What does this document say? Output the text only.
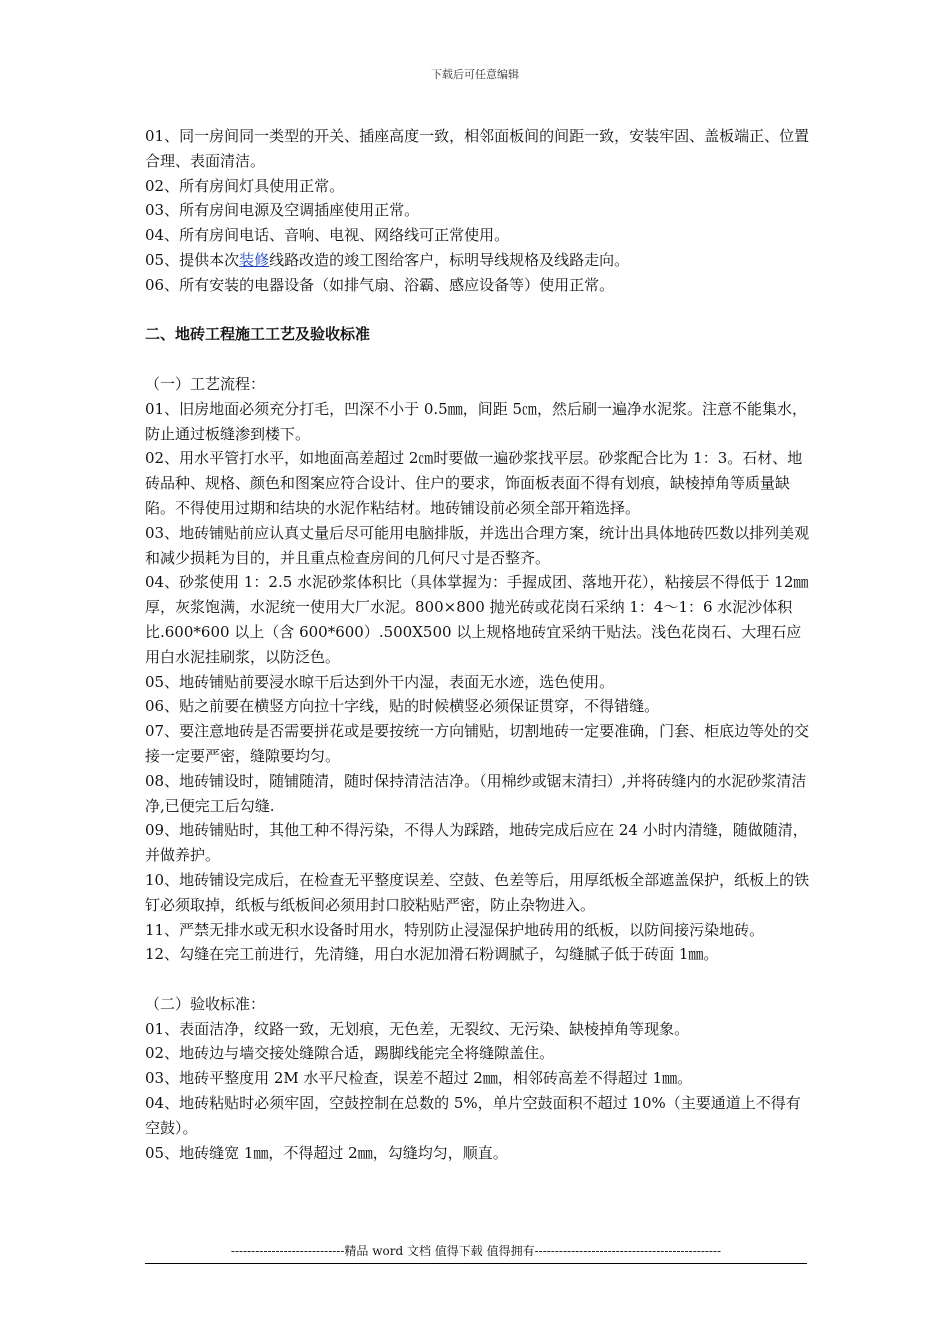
下载后可任意编辑

01、同一房间同一类型的开关、插座高度一致，相邻面板间的间距一致，安装牢固、盖板端正、位置合理、表面清洁。

02、所有房间灯具使用正常。

03、所有房间电源及空调插座使用正常。

04、所有房间电话、音响、电视、网络线可正常使用。

05、提供本次装修线路改造的竣工图给客户，标明导线规格及线路走向。

06、所有安装的电器设备（如排气扇、浴霸、感应设备等）使用正常。

二、地砖工程施工工艺及验收标准

（一）工艺流程：

01、旧房地面必须充分打毛，凹深不小于 0.5㎜，间距 5㎝，然后刷一遍净水泥浆。注意不能集水，防止通过板缝渗到楼下。

02、用水平管打水平，如地面高差超过 2㎝时要做一遍砂浆找平层。砂浆配合比为 1：3。石材、地砖品种、规格、颜色和图案应符合设计、住户的要求，饰面板表面不得有划痕，缺棱掉角等质量缺陷。不得使用过期和结块的水泥作粘结材。地砖铺设前必须全部开箱选择。

03、地砖铺贴前应认真丈量后尽可能用电脑排版，并选出合理方案，统计出具体地砖匹数以排列美观和减少损耗为目的，并且重点检查房间的几何尺寸是否整齐。

04、砂浆使用 1：2.5 水泥砂浆体积比（具体掌握为：手握成团、落地开花），粘接层不得低于 12㎜厚，灰浆饱满，水泥统一使用大厂水泥。800×800 抛光砖或花岗石采纳 1：4～1：6 水泥沙体积比.600*600 以上（含 600*600）.500X500 以上规格地砖宜采纳干贴法。浅色花岗石、大理石应用白水泥挂刷浆，以防泛色。

05、地砖铺贴前要浸水晾干后达到外干内湿，表面无水迹，选色使用。

06、贴之前要在横竖方向拉十字线，贴的时候横竖必须保证贯穿，不得错缝。

07、要注意地砖是否需要拼花或是要按统一方向铺贴，切割地砖一定要准确，门套、柜底边等处的交接一定要严密，缝隙要均匀。

08、地砖铺设时，随铺随清，随时保持清洁洁净。（用棉纱或锯末清扫）,并将砖缝内的水泥砂浆清洁净,已便完工后勾缝.

09、地砖铺贴时，其他工种不得污染，不得人为踩踏，地砖完成后应在 24 小时内清缝，随做随清，并做养护。

10、地砖铺设完成后，在检查无平整度误差、空鼓、色差等后，用厚纸板全部遮盖保护，纸板上的铁钉必须取掉，纸板与纸板间必须用封口胶粘贴严密，防止杂物进入。

11、严禁无排水或无积水设备时用水，特别防止浸湿保护地砖用的纸板，以防间接污染地砖。

12、勾缝在完工前进行，先清缝，用白水泥加滑石粉调腻子，勾缝腻子低于砖面 1㎜。

（二）验收标准：

01、表面洁净，纹路一致，无划痕，无色差，无裂纹、无污染、缺棱掉角等现象。

02、地砖边与墙交接处缝隙合适，踢脚线能完全将缝隙盖住。

03、地砖平整度用 2M 水平尺检查，误差不超过 2㎜，相邻砖高差不得超过 1㎜。

04、地砖粘贴时必须牢固，空鼓控制在总数的 5%，单片空鼓面积不超过 10%（主要通道上不得有空鼓）。

05、地砖缝宽 1㎜，不得超过 2㎜，勾缝均匀，顺直。

----------------------------精品 word 文档 值得下载 值得拥有----------------------------------------------
